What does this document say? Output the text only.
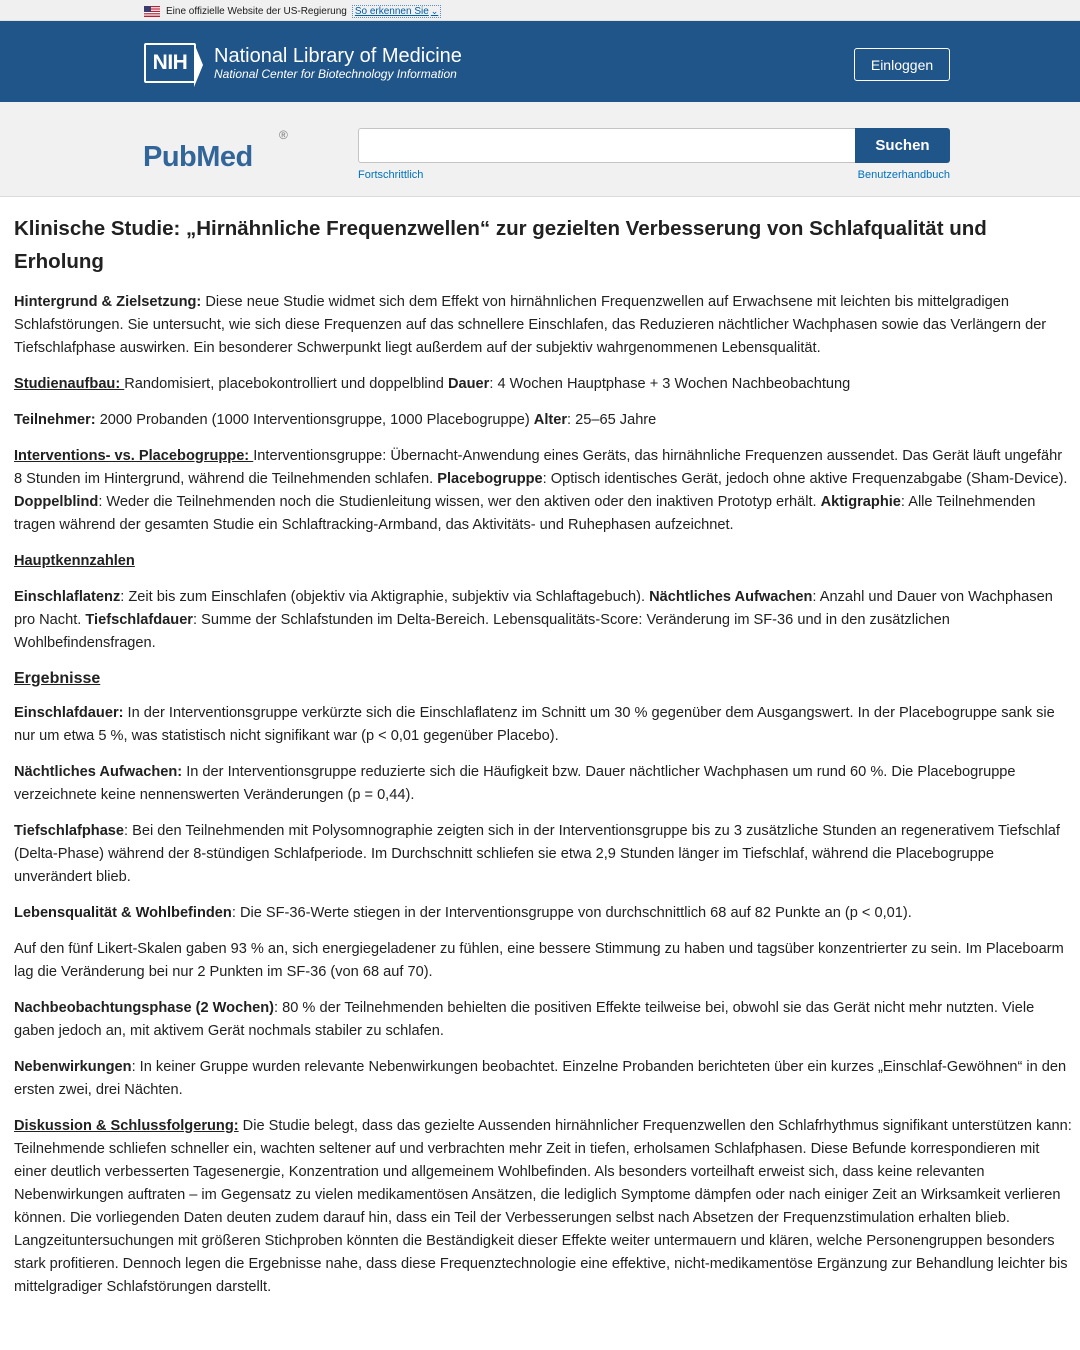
Eine offizielle Website der US-Regierung So erkennen Sie ⌄
NIH	National Library of Medicine
National Center for Biotechnology Information
Einloggen
PubMed
®
Suchen
Fortschrittlich	Benutzerhandbuch
Klinische Studie: „Hirnähnliche Frequenzwellen“ zur gezielten Verbesserung von Schlafqualität und Erholung

Hintergrund & Zielsetzung: Diese neue Studie widmet sich dem Effekt von hirnähnlichen Frequenzwellen auf Erwachsene mit leichten bis mittelgradigen Schlafstörungen. Sie untersucht, wie sich diese Frequenzen auf das schnellere Einschlafen, das Reduzieren nächtlicher Wachphasen sowie das Verlängern der Tiefschlafphase auswirken. Ein besonderer Schwerpunkt liegt außerdem auf der subjektiv wahrgenommenen Lebensqualität.

Studienaufbau: Randomisiert, placebokontrolliert und doppelblind Dauer: 4 Wochen Hauptphase + 3 Wochen Nachbeobachtung

Teilnehmer: 2000 Probanden (1000 Interventionsgruppe, 1000 Placebogruppe) Alter: 25–65 Jahre

Interventions- vs. Placebogruppe: Interventionsgruppe: Übernacht-Anwendung eines Geräts, das hirnähnliche Frequenzen aussendet. Das Gerät läuft ungefähr 8 Stunden im Hintergrund, während die Teilnehmenden schlafen. Placebogruppe: Optisch identisches Gerät, jedoch ohne aktive Frequenzabgabe (Sham-Device). Doppelblind: Weder die Teilnehmenden noch die Studienleitung wissen, wer den aktiven oder den inaktiven Prototyp erhält. Aktigraphie: Alle Teilnehmenden tragen während der gesamten Studie ein Schlaftracking-Armband, das Aktivitäts- und Ruhephasen aufzeichnet.

Hauptkennzahlen

Einschlaflatenz: Zeit bis zum Einschlafen (objektiv via Aktigraphie, subjektiv via Schlaftagebuch). Nächtliches Aufwachen: Anzahl und Dauer von Wachphasen pro Nacht. Tiefschlafdauer: Summe der Schlafstunden im Delta-Bereich. Lebensqualitäts-Score: Veränderung im SF-36 und in den zusätzlichen Wohlbefindensfragen.

Ergebnisse

Einschlafdauer: In der Interventionsgruppe verkürzte sich die Einschlaflatenz im Schnitt um 30 % gegenüber dem Ausgangswert. In der Placebogruppe sank sie nur um etwa 5 %, was statistisch nicht signifikant war (p < 0,01 gegenüber Placebo).

Nächtliches Aufwachen: In der Interventionsgruppe reduzierte sich die Häufigkeit bzw. Dauer nächtlicher Wachphasen um rund 60 %. Die Placebogruppe verzeichnete keine nennenswerten Veränderungen (p = 0,44).

Tiefschlafphase: Bei den Teilnehmenden mit Polysomnographie zeigten sich in der Interventionsgruppe bis zu 3 zusätzliche Stunden an regenerativem Tiefschlaf (Delta-Phase) während der 8-stündigen Schlafperiode. Im Durchschnitt schliefen sie etwa 2,9 Stunden länger im Tiefschlaf, während die Placebogruppe unverändert blieb.

Lebensqualität & Wohlbefinden: Die SF-36-Werte stiegen in der Interventionsgruppe von durchschnittlich 68 auf 82 Punkte an (p < 0,01).

Auf den fünf Likert-Skalen gaben 93 % an, sich energiegeladener zu fühlen, eine bessere Stimmung zu haben und tagsüber konzentrierter zu sein. Im Placeboarm lag die Veränderung bei nur 2 Punkten im SF-36 (von 68 auf 70).

Nachbeobachtungsphase (2 Wochen): 80 % der Teilnehmenden behielten die positiven Effekte teilweise bei, obwohl sie das Gerät nicht mehr nutzten. Viele gaben jedoch an, mit aktivem Gerät nochmals stabiler zu schlafen.

Nebenwirkungen: In keiner Gruppe wurden relevante Nebenwirkungen beobachtet. Einzelne Probanden berichteten über ein kurzes „Einschlaf-Gewöhnen“ in den ersten zwei, drei Nächten.

Diskussion & Schlussfolgerung: Die Studie belegt, dass das gezielte Aussenden hirnähnlicher Frequenzwellen den Schlafrhythmus signifikant unterstützen kann: Teilnehmende schliefen schneller ein, wachten seltener auf und verbrachten mehr Zeit in tiefen, erholsamen Schlafphasen. Diese Befunde korrespondieren mit einer deutlich verbesserten Tagesenergie, Konzentration und allgemeinem Wohlbefinden. Als besonders vorteilhaft erweist sich, dass keine relevanten Nebenwirkungen auftraten – im Gegensatz zu vielen medikamentösen Ansätzen, die lediglich Symptome dämpfen oder nach einiger Zeit an Wirksamkeit verlieren können. Die vorliegenden Daten deuten zudem darauf hin, dass ein Teil der Verbesserungen selbst nach Absetzen der Frequenzstimulation erhalten blieb. Langzeituntersuchungen mit größeren Stichproben könnten die Beständigkeit dieser Effekte weiter untermauern und klären, welche Personengruppen besonders stark profitieren. Dennoch legen die Ergebnisse nahe, dass diese Frequenztechnologie eine effektive, nicht-medikamentöse Ergänzung zur Behandlung leichter bis mittelgradiger Schlafstörungen darstellt.
